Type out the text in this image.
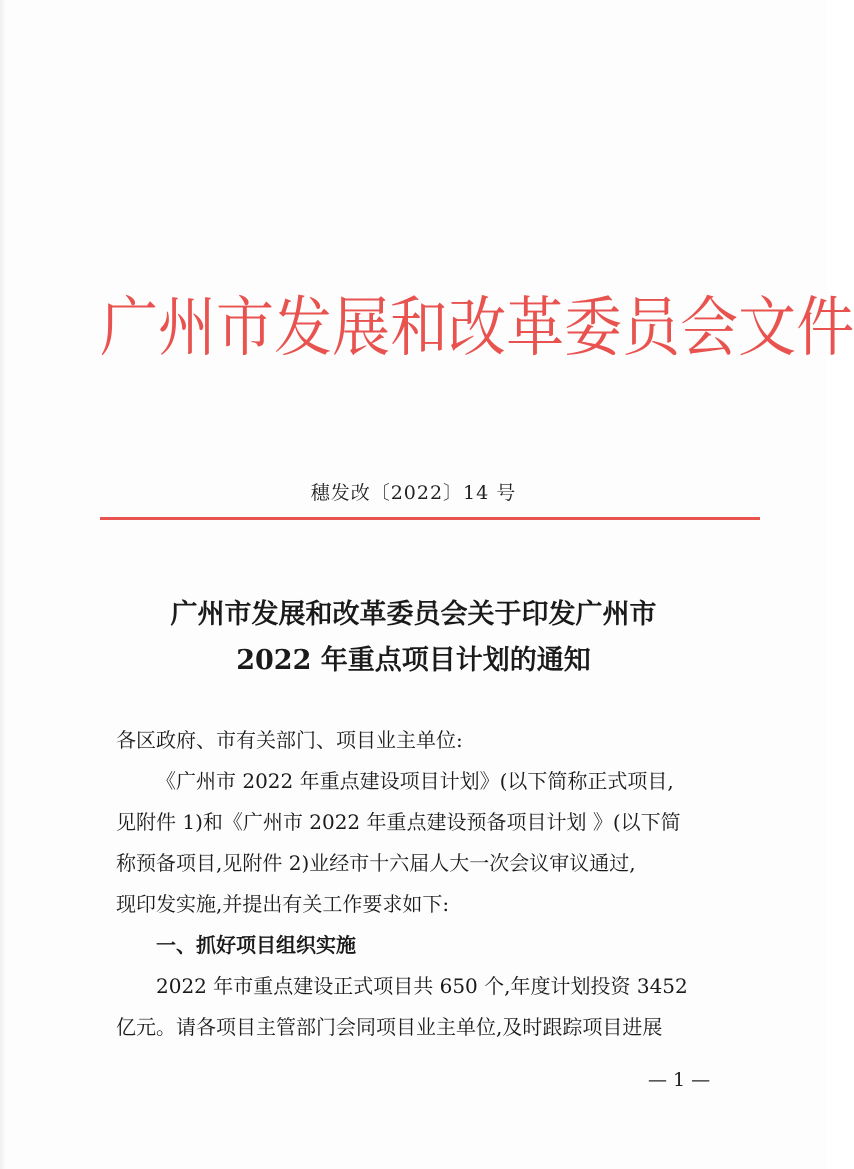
广 州 市 发 展 和 改 革 委 员 会 文 件
穗发改〔2022〕14 号
广州市发展和改革委员会关于印发广州市
2022 年重点项目计划的通知

各区政府、市有关部门、项目业主单位:

《广州市 2022 年重点建设项目计划》(以下简称正式项目,

见附件 1)和《广州市 2022 年重点建设预备项目计划 》(以下简

称预备项目,见附件 2)业经市十六届人大一次会议审议通过,

现印发实施,并提出有关工作要求如下:

一、抓好项目组织实施

2022 年市重点建设正式项目共 650 个,年度计划投资 3452

亿元。请各项目主管部门会同项目业主单位,及时跟踪项目进展

— 1 —
